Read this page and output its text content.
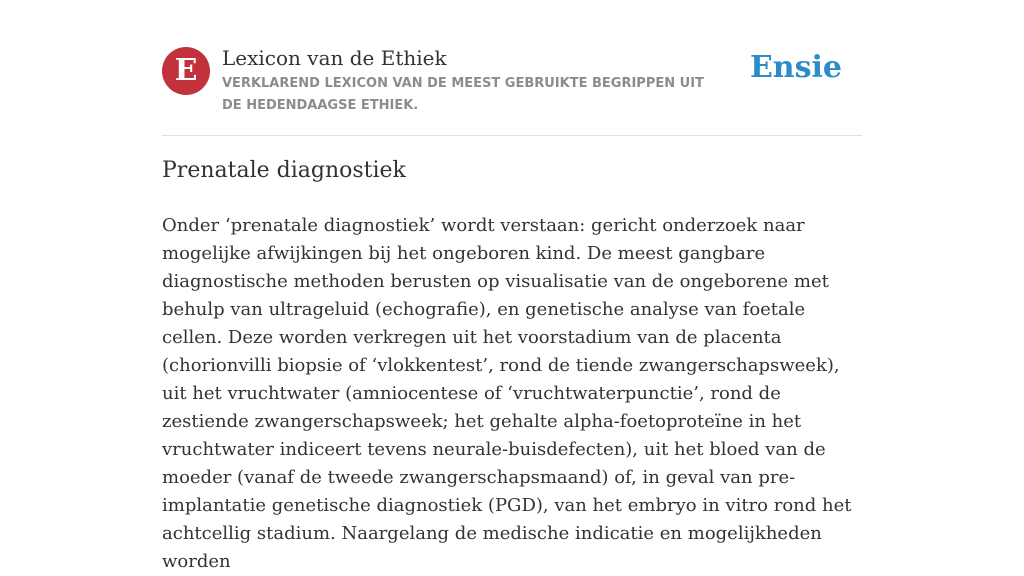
E Lexicon van de Ethiek
VERKLAREND LEXICON VAN DE MEEST GEBRUIKTE BEGRIPPEN UIT DE HEDENDAAGSE ETHIEK.
Ensie
Prenatale diagnostiek

Onder ‘prenatale diagnostiek’ wordt verstaan: gericht onderzoek naar mogelijke afwijkingen bij het ongeboren kind. De meest gangbare diagnostische methoden berusten op visualisatie van de ongeborene met behulp van ultrageluid (echografie), en genetische analyse van foetale cellen. Deze worden verkregen uit het voorstadium van de placenta (chorionvilli biopsie of ‘vlokkentest’, rond de tiende zwangerschapsweek), uit het vruchtwater (amniocentese of ‘vruchtwaterpunctie’, rond de zestiende zwangerschapsweek; het gehalte alpha-foetoproteïne in het vruchtwater indiceert tevens neurale-buisdefecten), uit het bloed van de moeder (vanaf de tweede zwangerschapsmaand) of, in geval van pre-implantatie genetische diagnostiek (PGD), van het embryo in vitro rond het achtcellig stadium. Naargelang de medische indicatie en mogelijkheden worden
